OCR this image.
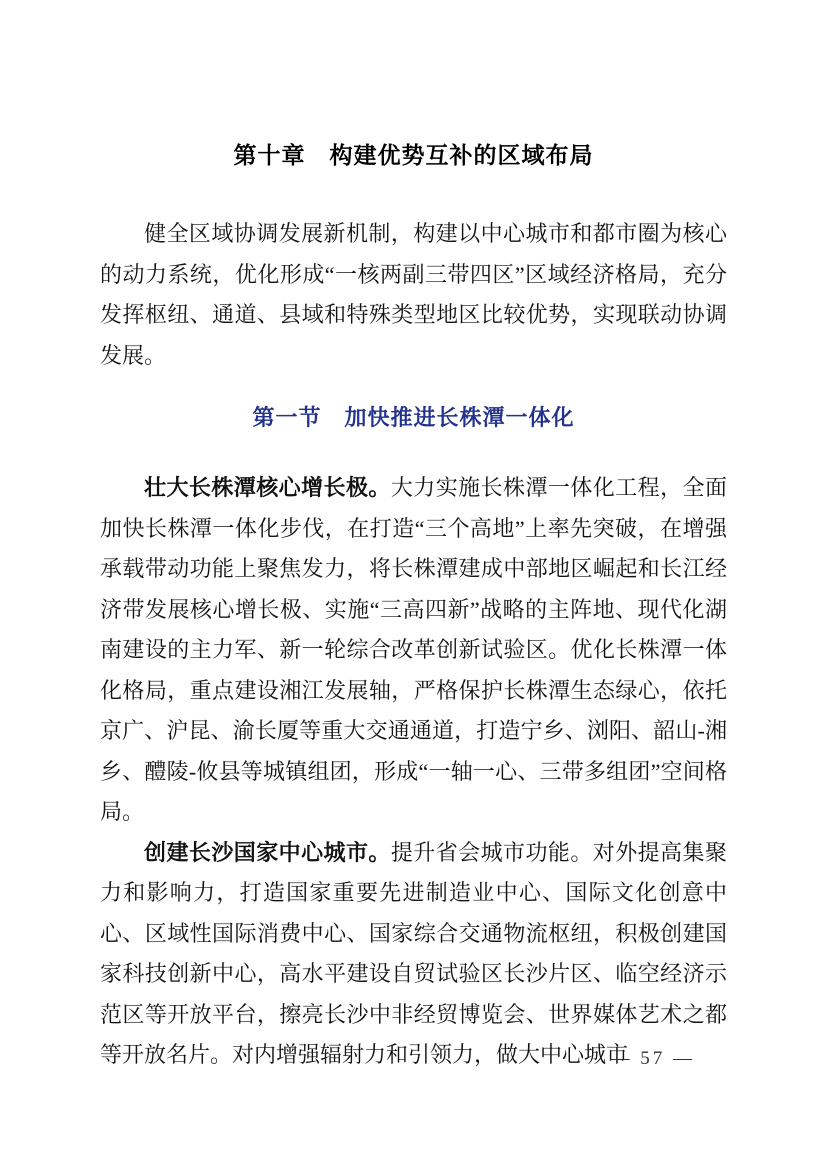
第十章　构建优势互补的区域布局

健全区域协调发展新机制，构建以中心城市和都市圈为核心的动力系统，优化形成“一核两副三带四区”区域经济格局，充分发挥枢纽、通道、县域和特殊类型地区比较优势，实现联动协调发展。

第一节　加快推进长株潭一体化

壮大长株潭核心增长极。大力实施长株潭一体化工程，全面加快长株潭一体化步伐，在打造“三个高地”上率先突破，在增强承载带动功能上聚焦发力，将长株潭建成中部地区崛起和长江经济带发展核心增长极、实施“三高四新”战略的主阵地、现代化湖南建设的主力军、新一轮综合改革创新试验区。优化长株潭一体化格局，重点建设湘江发展轴，严格保护长株潭生态绿心，依托京广、沪昆、渝长厦等重大交通通道，打造宁乡、浏阳、韶山-湘乡、醴陵-攸县等城镇组团，形成“一轴一心、三带多组团”空间格局。

创建长沙国家中心城市。提升省会城市功能。对外提高集聚力和影响力，打造国家重要先进制造业中心、国际文化创意中心、区域性国际消费中心、国家综合交通物流枢纽，积极创建国家科技创新中心，高水平建设自贸试验区长沙片区、临空经济示范区等开放平台，擦亮长沙中非经贸博览会、世界媒体艺术之都等开放名片。对内增强辐射力和引领力，做大中心城市

— 57 —
